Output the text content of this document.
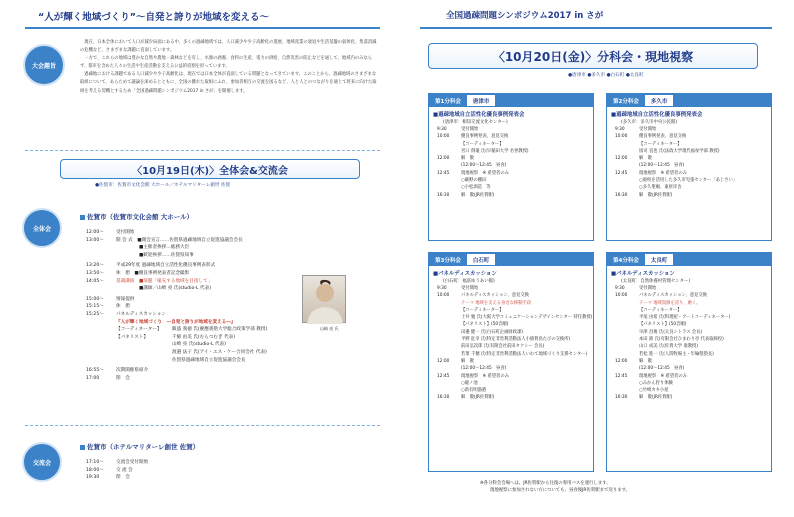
“人が輝く地域づくり”～自発と誇りが地域を変える～	全国過疎問題シンポジウム2017 in さが
大会趣旨

現在、日本全体において人口が減少局面にある中、多くの過疎地域では、人口減少や少子高齢化の進展、地域産業の衰退や生活基盤の弱体化、集落消滅の危機など、さまざまな課題に直面しています。

一方で、これらの地域は豊かな自然や農地・森林などを有し、水源の涵養、食料の生産、電力の供給、自然災害の防止などを通して、地域内のみならず、都市を含めた人々の生活や生産活動を支える公益的役割を担っています。

過疎地における課題である人口減少や少子高齢化は、現在では日本全体が直面している問題となってきています。このことから、過疎地域のさまざまな取組について、あらためて議論を深めるとともに、全国の優れた取組にふれ、参加者相互の交流を図るなど、人と人とのつながりを通じて将来に向けた取組を考える契機とするため「全国過疎問題シンポジウム2017 in さが」を開催します。

〈10月19日(木)〉全体会&交流会
●佐賀市：佐賀市文化会館 大ホール／ホテルマリターレ創世 佐賀
全体会
佐賀市（佐賀市文化会館 大ホール）
12:00～	受付開始
13:00～	開 会 式　■開会宣言……佐賀県過疎地域自立促進協議会会長
　　　　　■主催者挨拶…総務大臣
　　　　　■歓迎挨拶……佐賀県知事
13:20～	平成29年度 過疎地域自立活性化優良事例表彰式
13:50～	休　憩　■優良事例発表者記念撮影
14:05～	基調講演　■演題「縦充する地域を目指して」
　　　　　■講師／山崎 亮 氏(studio-L 代表)
15:00～	情報提供
15:15～	休　憩
15:25～	パネルディスカッション
『人が輝く地域づくり　―自発と誇りが地域を変える―』
【コーディネーター】	飯盛 義徳 氏(慶應義塾大学総合政策学部 教授)
【パネリスト】	千綿 由美 氏(むらつむぎ 代表)
山崎 亮 氏(studio-L 代表)
渡邉 法子 氏(アイ・エス・ケー合同会社 代表)
佐賀県過疎地域自立促進協議会会長
16:55～	次期開催県紹介
17:00	閉　会
山崎 亮 氏
交流会
佐賀市（ホテルマリターレ創世 佐賀）
17:10～	交流会受付開始
18:00～	交 流 会
19:30	閉　会
〈10月20日(金)〉分科会・現地視察
●唐津市 ●多久市 ●白石町 ●太良町
第1分科会	唐津市
■過疎地域自立活性化優良事例発表会
(唐津市：相知交流文化センター)
9:30	受付開始
10:00	優良事例発表、意見交換
【コーディネーター】
宮口 侗廸 氏(早稲田大学 名誉教授)
12:00	解　散
(12:00～12:45　昼食)
12:45	現地視察　※ 希望者のみ
○蕨野の棚田
○小松酒造　等
16:30	解　散(JR佐賀駅)
第2分科会	多久市
■過疎地域自立活性化優良事例発表会
(多久市：多久市中央公民館)
9:30	受付開始
10:00	優良事例発表、意見交換
【コーディネーター】
図司 直也 氏(法政大学現代福祉学部 教授)
12:00	解　散
(12:00～12:45　昼食)
12:45	現地視察　※ 希望者のみ
○廃校を活用した多久市児童センター「あじさい」
○多久聖廟、東原庠舎
16:30	解　散(JR佐賀駅)
第3分科会	白石町
■パネルディスカッション
(白石町：福富ゆうあい館)
9:30	受付開始
10:00	パネルディスカッション、意見交換
テーマ 地域を支える身近な移動手段
【コーディネーター】
土井 勉 氏(大阪大学コミュニケーションデザインセンター 特任教授)
【パネリスト】(50音順)
田邉 健一 氏(白石町企画財政課)
平野 征幸 氏(特定非営利活動法人小値賀島たびの交換所)
前田弘次郎 氏(有限会社前田タクシー 会長)
若菜 千穂 氏(特定非営利活動法人いわて地域づくり支援センター)
12:00	解　散
(12:00～12:45　昼食)
12:45	現地視察　※ 希望者のみ
○縫ノ池
○新有明漁港
16:30	解　散(JR佐賀駅)
第4分科会	太良町
■パネルディスカッション
(太良町：自然休養村管理センター)
9:30	受付開始
10:00	パネルディスカッション、意見交換
テーマ 地域資源を誇り、磨く。
【コーディネーター】
平尾 由希 氏(科理屋・アートコーディネーター)
【パネリスト】(50音順)
早津 昌俊 氏(太良シトラス 会長)
本田 節 氏(有限会社ひまわり亭 代表取締役)
山口 成美 氏(佐賀大学 准教授)
若松 進一 氏(人間牧場主・年輪塾塾長)
12:00	解　散
(12:00～12:45　昼食)
12:45	現地視察　※ 希望者のみ
○みかん狩り体験
○竹崎カキ小屋
16:30	解　散(JR佐賀駅)
※各分科会会場へは、JR佐賀駅から往復の専用バスを運行します。
現地視察に参加されない方についても、昼食後JR佐賀駅まで送ります。
